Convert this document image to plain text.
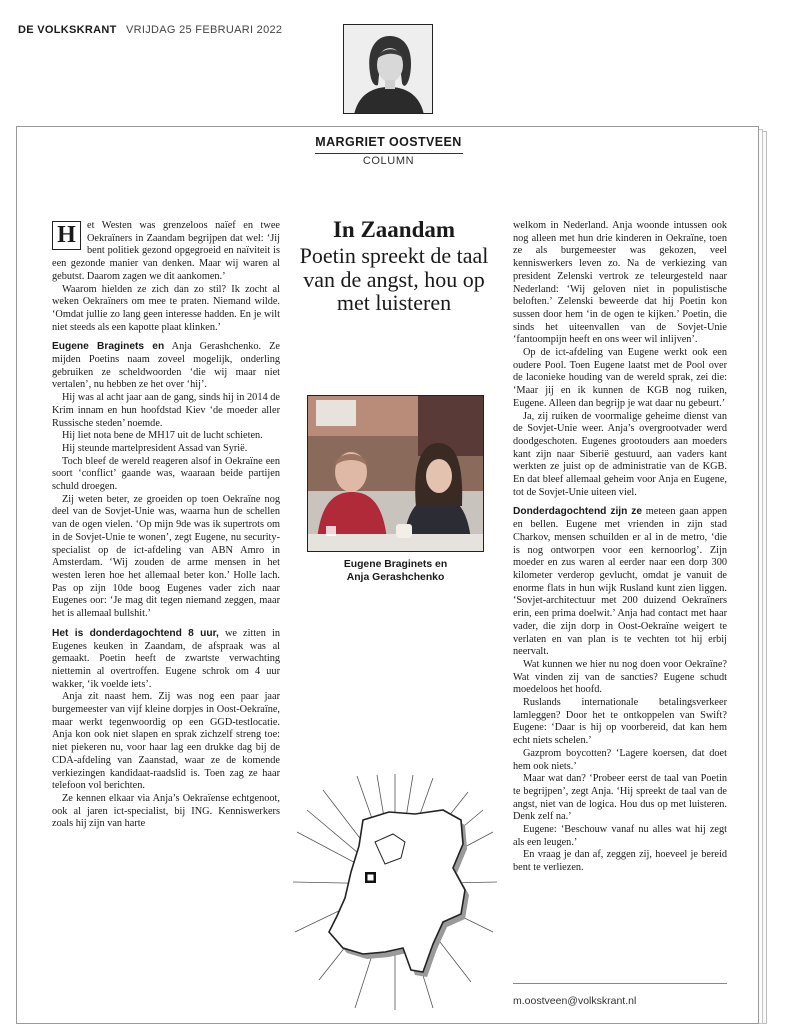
DE VOLKSKRANT VRIJDAG 25 FEBRUARI 2022
MARGRIET OOSTVEEN
COLUMN

H	et Westen was grenzeloos naïef en twee Oekraïners in Zaandam begrijpen dat wel: ‘Jij bent politiek gezond opgegroeid en naïviteit is een gezonde manier van denken. Maar wij waren al gebutst. Daarom zagen we dit aankomen.’

Waarom hielden ze zich dan zo stil? Ik zocht al weken Oekraïners om mee te praten. Niemand wilde. ‘Omdat jullie zo lang geen interesse hadden. En je wilt niet steeds als een kapotte plaat klinken.’

Eugene Braginets en Anja Gerashchenko. Ze mijden Poetins naam zoveel mogelijk, onderling gebruiken ze scheldwoorden ‘die wij maar niet vertalen’, nu hebben ze het over ‘hij’.

Hij was al acht jaar aan de gang, sinds hij in 2014 de Krim innam en hun hoofdstad Kiev ‘de moeder aller Russische steden’ noemde.

Hij liet nota bene de MH17 uit de lucht schieten.

Hij steunde martelpresident Assad van Syrië.

Toch bleef de wereld reageren alsof in Oekraïne een soort ‘conflict’ gaande was, waaraan beide partijen schuld droegen.

Zij weten beter, ze groeiden op toen Oekraïne nog deel van de Sovjet-Unie was, waarna hun de schellen van de ogen vielen. ‘Op mijn 9de was ik supertrots om in de Sovjet-Unie te wonen’, zegt Eugene, nu security-specialist op de ict-afdeling van ABN Amro in Amsterdam. ‘Wij zouden de arme mensen in het westen leren hoe het allemaal beter kon.’ Holle lach. Pas op zijn 10de boog Eugenes vader zich naar Eugenes oor: ‘Je mag dit tegen niemand zeggen, maar het is allemaal bullshit.’

Het is donderdagochtend 8 uur, we zitten in Eugenes keuken in Zaandam, de afspraak was al gemaakt. Poetin heeft de zwartste verwachting niettemin al overtroffen. Eugene schrok om 4 uur wakker, ‘ik voelde iets’.

Anja zit naast hem. Zij was nog een paar jaar burgemeester van vijf kleine dorpjes in Oost-Oekraïne, maar werkt tegenwoordig op een GGD-testlocatie. Anja kon ook niet slapen en sprak zichzelf streng toe: niet piekeren nu, voor haar lag een drukke dag bij de CDA-afdeling van Zaanstad, waar ze de komende verkiezingen kandidaat-raadslid is. Toen zag ze haar telefoon vol berichten.

Ze kennen elkaar via Anja’s Oekraïense echtgenoot, ook al jaren ict-specialist, bij ING. Kenniswerkers zoals hij zijn van harte

In Zaandam
Poetin spreekt de taal van de angst, hou op met luisteren
Eugene Braginets en
Anja Gerashchenko

welkom in Nederland. Anja woonde intussen ook nog alleen met hun drie kinderen in Oekraïne, toen ze als burgemeester was gekozen, veel kenniswerkers leven zo. Na de verkiezing van president Zelenski vertrok ze teleurgesteld naar Nederland: ‘Wij geloven niet in populistische beloften.’ Zelenski beweerde dat hij Poetin kon sussen door hem ‘in de ogen te kijken.’ Poetin, die sinds het uiteenvallen van de Sovjet-Unie ‘fantoompijn heeft en ons weer wil inlijven’.

Op de ict-afdeling van Eugene werkt ook een oudere Pool. Toen Eugene laatst met de Pool over de laconieke houding van de wereld sprak, zei die: ‘Maar jij en ik kunnen de KGB nog ruiken, Eugene. Alleen dan begrijp je wat daar nu gebeurt.’

Ja, zij ruiken de voormalige geheime dienst van de Sovjet-Unie weer. Anja’s overgrootvader werd doodgeschoten. Eugenes grootouders aan moeders kant zijn naar Siberië gestuurd, aan vaders kant werkten ze juist op de administratie van de KGB. En dat bleef allemaal geheim voor Anja en Eugene, tot de Sovjet-Unie uiteen viel.

Donderdagochtend zijn ze meteen gaan appen en bellen. Eugene met vrienden in zijn stad Charkov, mensen schuilden er al in de metro, ‘die is nog ontworpen voor een kernoorlog’. Zijn moeder en zus waren al eerder naar een dorp 300 kilometer verderop gevlucht, omdat je vanuit de enorme flats in hun wijk Rusland kunt zien liggen. ‘Sovjet-architectuur met 200 duizend Oekraïners erin, een prima doelwit.’ Anja had contact met haar vader, die zijn dorp in Oost-Oekraïne weigert te verlaten en van plan is te vechten tot hij erbij neervalt.

Wat kunnen we hier nu nog doen voor Oekraïne? Wat vinden zij van de sancties? Eugene schudt moedeloos het hoofd.

Ruslands internationale betalingsverkeer lamleggen? Door het te ontkoppelen van Swift? Eugene: ‘Daar is hij op voorbereid, dat kan hem echt niets schelen.’

Gazprom boycotten? ‘Lagere koersen, dat doet hem ook niets.’

Maar wat dan? ‘Probeer eerst de taal van Poetin te begrijpen’, zegt Anja. ‘Hij spreekt de taal van de angst, niet van de logica. Hou dus op met luisteren. Denk zelf na.’

Eugene: ‘Beschouw vanaf nu alles wat hij zegt als een leugen.’

En vraag je dan af, zeggen zij, hoeveel je bereid bent te verliezen.

m.oostveen@volkskrant.nl
